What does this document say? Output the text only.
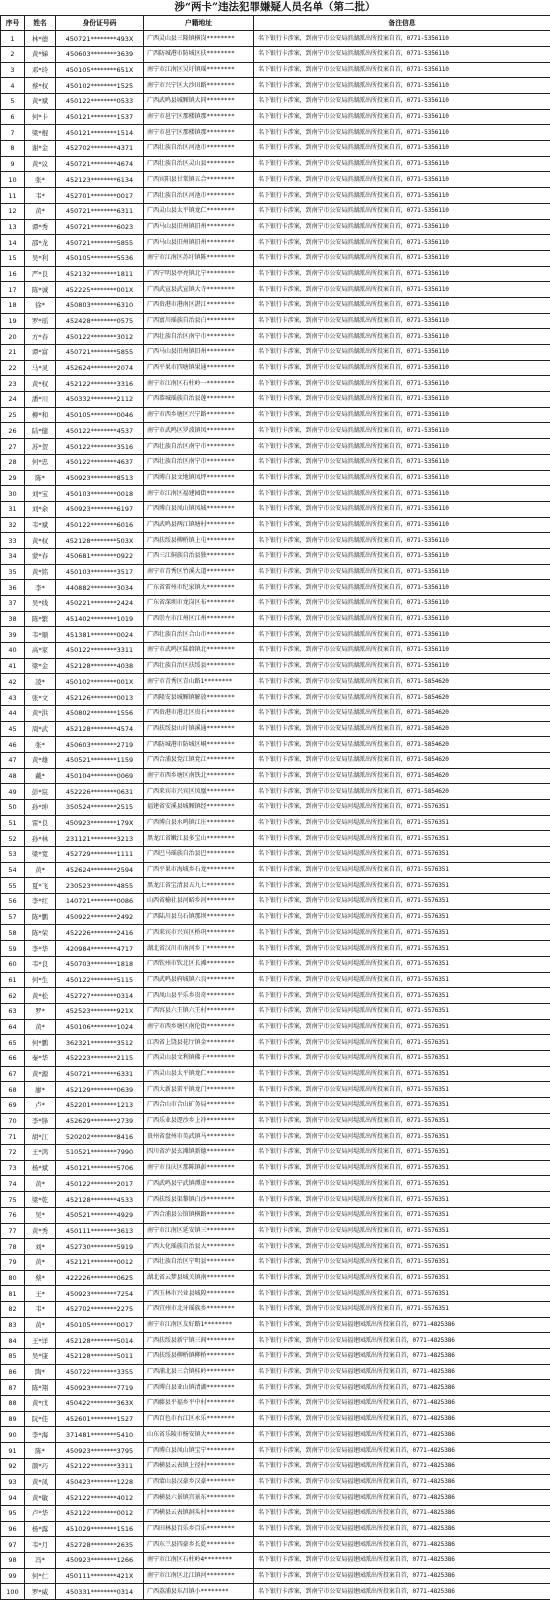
涉“两卡”违法犯罪嫌疑人员名单（第二批）
序号	姓名	身份证号码	户籍地址	备注信息
1	林*德	450721********493X	广西灵山县三隆镇横岗********	名下银行卡涉案，到南宁市公安局滨湖派出所投案自首，0771-5356110
2	黄*娣	450603********3639	广西防城港市防城区扶********	名下银行卡涉案，到南宁市公安局滨湖派出所投案自首，0771-5356110
3	邓*玲	450105********651X	南宁市江南区吴圩镇瑶********	名下银行卡涉案，到南宁市公安局滨湖派出所投案自首，0771-5356110
4	蔡*权	450102********1525	南宁市兴宁区大沙田路********	名下银行卡涉案，到南宁市公安局滨湖派出所投案自首，0771-5356110
5	黄*斌	450122********0533	广西武鸣县城厢镇大同********	名下银行卡涉案，到南宁市公安局滨湖派出所投案自首，0771-5356110
6	何*卡	450121********1537	南宁市邕宁区那楼镇那********	名下银行卡涉案，到南宁市公安局滨湖派出所投案自首，0771-5356110
7	梁*棍	450121********1514	南宁市邕宁区那楼镇那********	名下银行卡涉案，到南宁市公安局滨湖派出所投案自首，0771-5356110
8	谢*金	452702********4371	广西壮族自治区河池市********	名下银行卡涉案，到南宁市公安局滨湖派出所投案自首，0771-5356110
9	黄*议	450721********4674	广西壮族自治区灵山县********	名下银行卡涉案，到南宁市公安局滨湖派出所投案自首，0771-5356110
10	张*	452123********6134	广西宾阳县甘棠镇五合********	名下银行卡涉案，到南宁市公安局滨湖派出所投案自首，0771-5356110
11	韦*	452701********0017	广西壮族自治区河池市********	名下银行卡涉案，到南宁市公安局滨湖派出所投案自首，0771-5356110
12	黄*	450721********6311	广西灵山县太平镇龙仁********	名下银行卡涉案，到南宁市公安局滨湖派出所投案自首，0771-5356110
13	谭*秀	450721********6023	广西马山县旧州镇旧州********	名下银行卡涉案，到南宁市公安局滨湖派出所投案自首，0771-5356110
14	邵*龙	450721********5855	广西马山县旧州镇旧州********	名下银行卡涉案，到南宁市公安局滨湖派出所投案自首，0771-5356110
15	吴*利	450105********5536	南宁市江南区苏圩镇陈********	名下银行卡涉案，到南宁市公安局滨湖派出所投案自首，0771-5356110
16	严*良	452132********1811	广西宁明县亭亮镇北宁********	名下银行卡涉案，到南宁市公安局滨湖派出所投案自首，0771-5356110
17	陈*诚	452225********001X	广西武宣县武宣镇大寺********	名下银行卡涉案，到南宁市公安局滨湖派出所投案自首，0771-5356110
18	徐*	450803********6310	广西贵港市港南区湛江********	名下银行卡涉案，到南宁市公安局滨湖派出所投案自首，0771-5356110
19	罗*瑶	452428********0575	广西富川瑶族自治县白********	名下银行卡涉案，到南宁市公安局滨湖派出所投案自首，0771-5356110
20	方*春	450122********3012	广西壮族自治区南宁市********	名下银行卡涉案，到南宁市公安局滨湖派出所投案自首，0771-5356110
21	谭*富	450721********5855	广西马山县旧州镇旧州********	名下银行卡涉案，到南宁市公安局滨湖派出所投案自首，0771-5356110
22	马*灵	452624********2074	广西平果市四塘镇果通********	名下银行卡涉案，到南宁市公安局滨湖派出所投案自首，0771-5356110
23	黄*权	452122********3316	南宁市江南区石柱岭一********	名下银行卡涉案，到南宁市公安局滨湖派出所投案自首，0771-5356110
24	潘*川	450332********2112	广西恭城瑶族自治县莲********	名下银行卡涉案，到南宁市公安局滨湖派出所投案自首，0771-5356110
25	柳*和	450105********0046	南宁市西乡塘区兴宁路********	名下银行卡涉案，到南宁市公安局滨湖派出所投案自首，0771-5356110
26	陆*健	450122********4537	南宁市武鸣区罗波镇凤********	名下银行卡涉案，到南宁市公安局滨湖派出所投案自首，0771-5356110
27	苏*贺	450122********3516	广西壮族自治区南宁市********	名下银行卡涉案，到南宁市公安局滨湖派出所投案自首，0771-5356110
28	何*忠	450122********4637	广西壮族自治区南宁市********	名下银行卡涉案，到南宁市公安局滨湖派出所投案自首，0771-5356110
29	陈*	450923********8513	广西博白县文地镇凤坪********	名下银行卡涉案，到南宁市公安局滨湖派出所投案自首，0771-5356110
30	刘*宝	450103********0018	南宁市江南区福建园街********	名下银行卡涉案，到南宁市公安局滨湖派出所投案自首，0771-5356110
31	刘*余	450923********6197	广西博白县凤山镇凤城********	名下银行卡涉案，到南宁市公安局滨湖派出所投案自首，0771-5356110
32	韦*斌	450122********6016	广西武鸣县两江镇塘村********	名下银行卡涉案，到南宁市公安局滨湖派出所投案自首，0771-5356110
33	黄*权	452128********503X	广西扶绥县柳桥镇上屯********	名下银行卡涉案，到南宁市公安局滨湖派出所投案自首，0771-5356110
34	蒙*春	450681********0922	广西三江侗族自治县独********	名下银行卡涉案，到南宁市公安局滨湖派出所投案自首，0771-5356110
35	黄*铭	450103********3517	南宁市青秀区竹溪大道********	名下银行卡涉案，到南宁市公安局滨湖派出所投案自首，0771-5356110
36	李*	440882********3034	广东省雷州市纪家镇大********	名下银行卡涉案，到南宁市公安局滨湖派出所投案自首，0771-5356110
37	吴*线	450221********2424	广东省深圳市龙岗区布********	名下银行卡涉案，到南宁市公安局滨湖派出所投案自首，0771-5356110
38	陈*繁	451402********1019	广西崇左市江州区江州********	名下银行卡涉案，到南宁市公安局滨湖派出所投案自首，0771-5356110
39	韦*顺	451381********0024	广西壮族自治区合山市********	名下银行卡涉案，到南宁市公安局滨湖派出所投案自首，0771-5356110
40	高*家	450122********3311	南宁市武鸣区陆斡镇北********	名下银行卡涉案，到南宁市公安局滨湖派出所投案自首，0771-5356110
41	梁*金	452128********4038	广西壮族自治区扶绥县********	名下银行卡涉案，到南宁市公安局滨湖派出所投案自首，0771-5356110
42	凌*	450102********001X	南宁市青秀区青山路1********	名下银行卡涉案，到南宁市公安局星湖派出所投案自首，0771-5854620
43	张*文	452126********0013	广西隆安县城厢镇解放********	名下银行卡涉案，到南宁市公安局星湖派出所投案自首，0771-5854620
44	黄*洪	450802********1556	广西贵港市港北区贵石********	名下银行卡涉案，到南宁市公安局星湖派出所投案自首，0771-5854620
45	周*武	452128********4574	广西扶绥县山圩镇溪通********	名下银行卡涉案，到南宁市公安局星湖派出所投案自首，0771-5854620
46	张*	450603********2719	广西防城港市防城区峒********	名下银行卡涉案，到南宁市公安局星湖派出所投案自首，0771-5854620
47	黄*雄	450521********1159	广西合浦县党江镇党江********	名下银行卡涉案，到南宁市公安局星湖派出所投案自首，0771-5854620
48	戴*	450104********0069	南宁市西乡塘区南铁北********	名下银行卡涉案，到南宁市公安局星湖派出所投案自首，0771-5854620
49	彭*宸	452226********0631	广西来宾市兴宾区凤凰********	名下银行卡涉案，到南宁市公安局星湖派出所投案自首，0771-5854620
50	孙*坤	350524********2515	福建省安溪县城厢镇经********	名下银行卡涉案，到南宁市公安局河堤派出所投案自首，0771-5576351
51	雷*良	450923********179X	广西博白县水鸣镇江庄********	名下银行卡涉案，到南宁市公安局河堤派出所投案自首，0771-5576351
52	孙*林	231121********3213	黑龙江省嫩江县多宝山********	名下银行卡涉案，到南宁市公安局河堤派出所投案自首，0771-5576351
53	梁*宽	452729********1111	广西巴马瑶族自治县巴********	名下银行卡涉案，到南宁市公安局河堤派出所投案自首，0771-5576351
54	黄*	452624********2594	广西平果市海城乡石龙********	名下银行卡涉案，到南宁市公安局河堤派出所投案自首，0771-5576351
55	夏*飞	230523********4855	黑龙江省宝清县五九七********	名下银行卡涉案，到南宁市公安局河堤派出所投案自首，0771-5576351
56	李*红	140721********0086	山西省榆社县河峪乡河********	名下银行卡涉案，到南宁市公安局河堤派出所投案自首，0771-5576351
57	陈*鹏	450922********2492	广西陆川县乌石镇那坝********	名下银行卡涉案，到南宁市公安局河堤派出所投案自首，0771-5576351
58	陈*荣	452226********2416	广西来宾市兴宾区桥巩********	名下银行卡涉案，到南宁市公安局河堤派出所投案自首，0771-5576351
59	李*华	420984********4717	湖北省汉川市南河乡丁********	名下银行卡涉案，到南宁市公安局河堤派出所投案自首，0771-5576351
60	韦*良	450703********1818	广西钦州市钦北区长滩********	名下银行卡涉案，到南宁市公安局河堤派出所投案自首，0771-5576351
61	何*生	450122********5115	广西武鸣县府城镇六良********	名下银行卡涉案，到南宁市公安局河堤派出所投案自首，0771-5576351
62	黄*松	452727********0314	广西凤山县平乐乡贵奇********	名下银行卡涉案，到南宁市公安局河堤派出所投案自首，0771-5576351
63	罗*	452523********921X	广西容县六王镇六王村********	名下银行卡涉案，到南宁市公安局河堤派出所投案自首，0771-5576351
64	黄*	450106********1024	南宁市西乡塘区南伦街********	名下银行卡涉案，到南宁市公安局河堤派出所投案自首，0771-5576351
65	何*鹏	362321********3512	江西省上饶县花厅镇金********	名下银行卡涉案，到南宁市公安局河堤派出所投案自首，0771-5576351
66	秦*华	452223********2115	广西灵山县文利镇佛子********	名下银行卡涉案，到南宁市公安局河堤派出所投案自首，0771-5576351
67	黄*源	450721********6331	广西灵山县太平镇龙仁********	名下银行卡涉案，到南宁市公安局河堤派出所投案自首，0771-5576351
68	廖*	452129********0639	广西大新县雷平镇龙门********	名下银行卡涉案，到南宁市公安局河堤派出所投案自首，0771-5576351
69	卢*	452201********1213	广西合山市合山矿务局********	名下银行卡涉案，到南宁市公安局河堤派出所投案自首，0771-5576351
70	李*锋	452629********2739	广西乐业县逻沙乡上冲********	名下银行卡涉案，到南宁市公安局河堤派出所投案自首，0771-5576351
71	胡*江	520202********8416	贵州省盘州市英武镇马********	名下银行卡涉案，到南宁市公安局河堤派出所投案自首，0771-5576351
72	王*鸿	510521********7990	四川省泸县玄滩镇新德********	名下银行卡涉案，到南宁市公安局河堤派出所投案自首，0771-5576351
73	杨*斌	450121********5706	南宁市良庆区那陈镇彭********	名下银行卡涉案，到南宁市公安局河堤派出所投案自首，0771-5576351
74	黄*	450122********2017	广西武鸣县宁武镇潭虚********	名下银行卡涉案，到南宁市公安局河堤派出所投案自首，0771-5576351
75	梁*乾	452128********4533	广西扶绥县渠黎镇白沙********	名下银行卡涉案，到南宁市公安局河堤派出所投案自首，0771-5576351
76	吴*	450521********4929	广西合浦县公馆镇横路********	名下银行卡涉案，到南宁市公安局河堤派出所投案自首，0771-5576351
77	黄*秀	450111********3613	南宁市江南区延安镇三********	名下银行卡涉案，到南宁市公安局河堤派出所投案自首，0771-5576351
78	刘*	452730********5919	广西大化瑶族自治县大********	名下银行卡涉案，到南宁市公安局河堤派出所投案自首，0771-5576351
79	黄*	452121********0012	广西壮族自治区宁明县********	名下银行卡涉案，到南宁市公安局河堤派出所投案自首，0771-5576351
80	蔡*	422226********0625	湖北省云梦县城关镇南********	名下银行卡涉案，到南宁市公安局河堤派出所投案自首，0771-5576351
81	王*	450923********7254	广西玉林市兴业县城隍********	名下银行卡涉案，到南宁市公安局河堤派出所投案自首，0771-5576351
82	韦*	452702********2275	广西宜州市北牙瑶族乡********	名下银行卡涉案，到南宁市公安局河堤派出所投案自首，0771-5576351
83	黄*	450105********0017	南宁市江南区友好路1********	名下银行卡涉案，到南宁市公安局福建园派出所投案自首，0771-4825386
84	王*详	452128********5014	广西扶绥县新宁镇三间********	名下银行卡涉案，到南宁市公安局福建园派出所投案自首，0771-4825386
85	吴*康	452128********5011	广西扶绥县柳桥镇柳桥********	名下银行卡涉案，到南宁市公安局福建园派出所投案自首，0771-4825386
86	陶*	450722********3355	广西浦北县三合镇桂岭********	名下银行卡涉案，到南宁市公安局福建园派出所投案自首，0771-4825386
87	陈*翔	450923********7719	广西博白县亚山镇清湖********	名下银行卡涉案，到南宁市公安局福建园派出所投案自首，0771-4825386
88	黄*戊	450422********363X	广西藤县平福乡平中村********	名下银行卡涉案，到南宁市公安局福建园派出所投案自首，0771-4825386
89	阮*佳	452601********1527	广西百色市右江区永乐********	名下银行卡涉案，到南宁市公安局福建园派出所投案自首，0771-4825386
90	李*海	371481********5410	山东省乐陵市杨安镇大********	名下银行卡涉案，到南宁市公安局福建园派出所投案自首，0771-4825386
91	陈*	450923********3795	广西博白县凤山镇宝宁********	名下银行卡涉案，到南宁市公安局福建园派出所投案自首，0771-4825386
92	颜*巧	452122********3311	广西横县云表镇上径村********	名下银行卡涉案，到南宁市公安局福建园派出所投案自首，0771-4825386
93	黄*凤	450423********1228	广西蒙山县汉豪乡汉豪********	名下银行卡涉案，到南宁市公安局福建园派出所投案自首，0771-4825386
94	黄*敏	452122********4012	广西横县六景镇宫景东********	名下银行卡涉案，到南宁市公安局福建园派出所投案自首，0771-4825386
95	卢*华	452122********0012	广西横县云表镇洞头村********	名下银行卡涉案，到南宁市公安局福建园派出所投案自首，0771-4825386
96	杨*露	451029********1516	广西田林县百乐乡百乐********	名下银行卡涉案，到南宁市公安局福建园派出所投案自首，0771-4825386
97	韦*月	452728********2635	广西东兰县四豪乡长乾********	名下银行卡涉案，到南宁市公安局福建园派出所投案自首，0771-4825386
98	冯*	450923********1266	南宁市江南区石柱岭4********	名下银行卡涉案，到南宁市公安局福建园派出所投案自首，0771-4825386
99	何*仁	450111********421X	南宁市江南区北江镇河********	名下银行卡涉案，到南宁市公安局福建园派出所投案自首，0771-4825386
100	罗*威	450331********0314	广西荔浦县东昌镇小********	名下银行卡涉案，到南宁市公安局福建园派出所投案自首，0771-4825386
